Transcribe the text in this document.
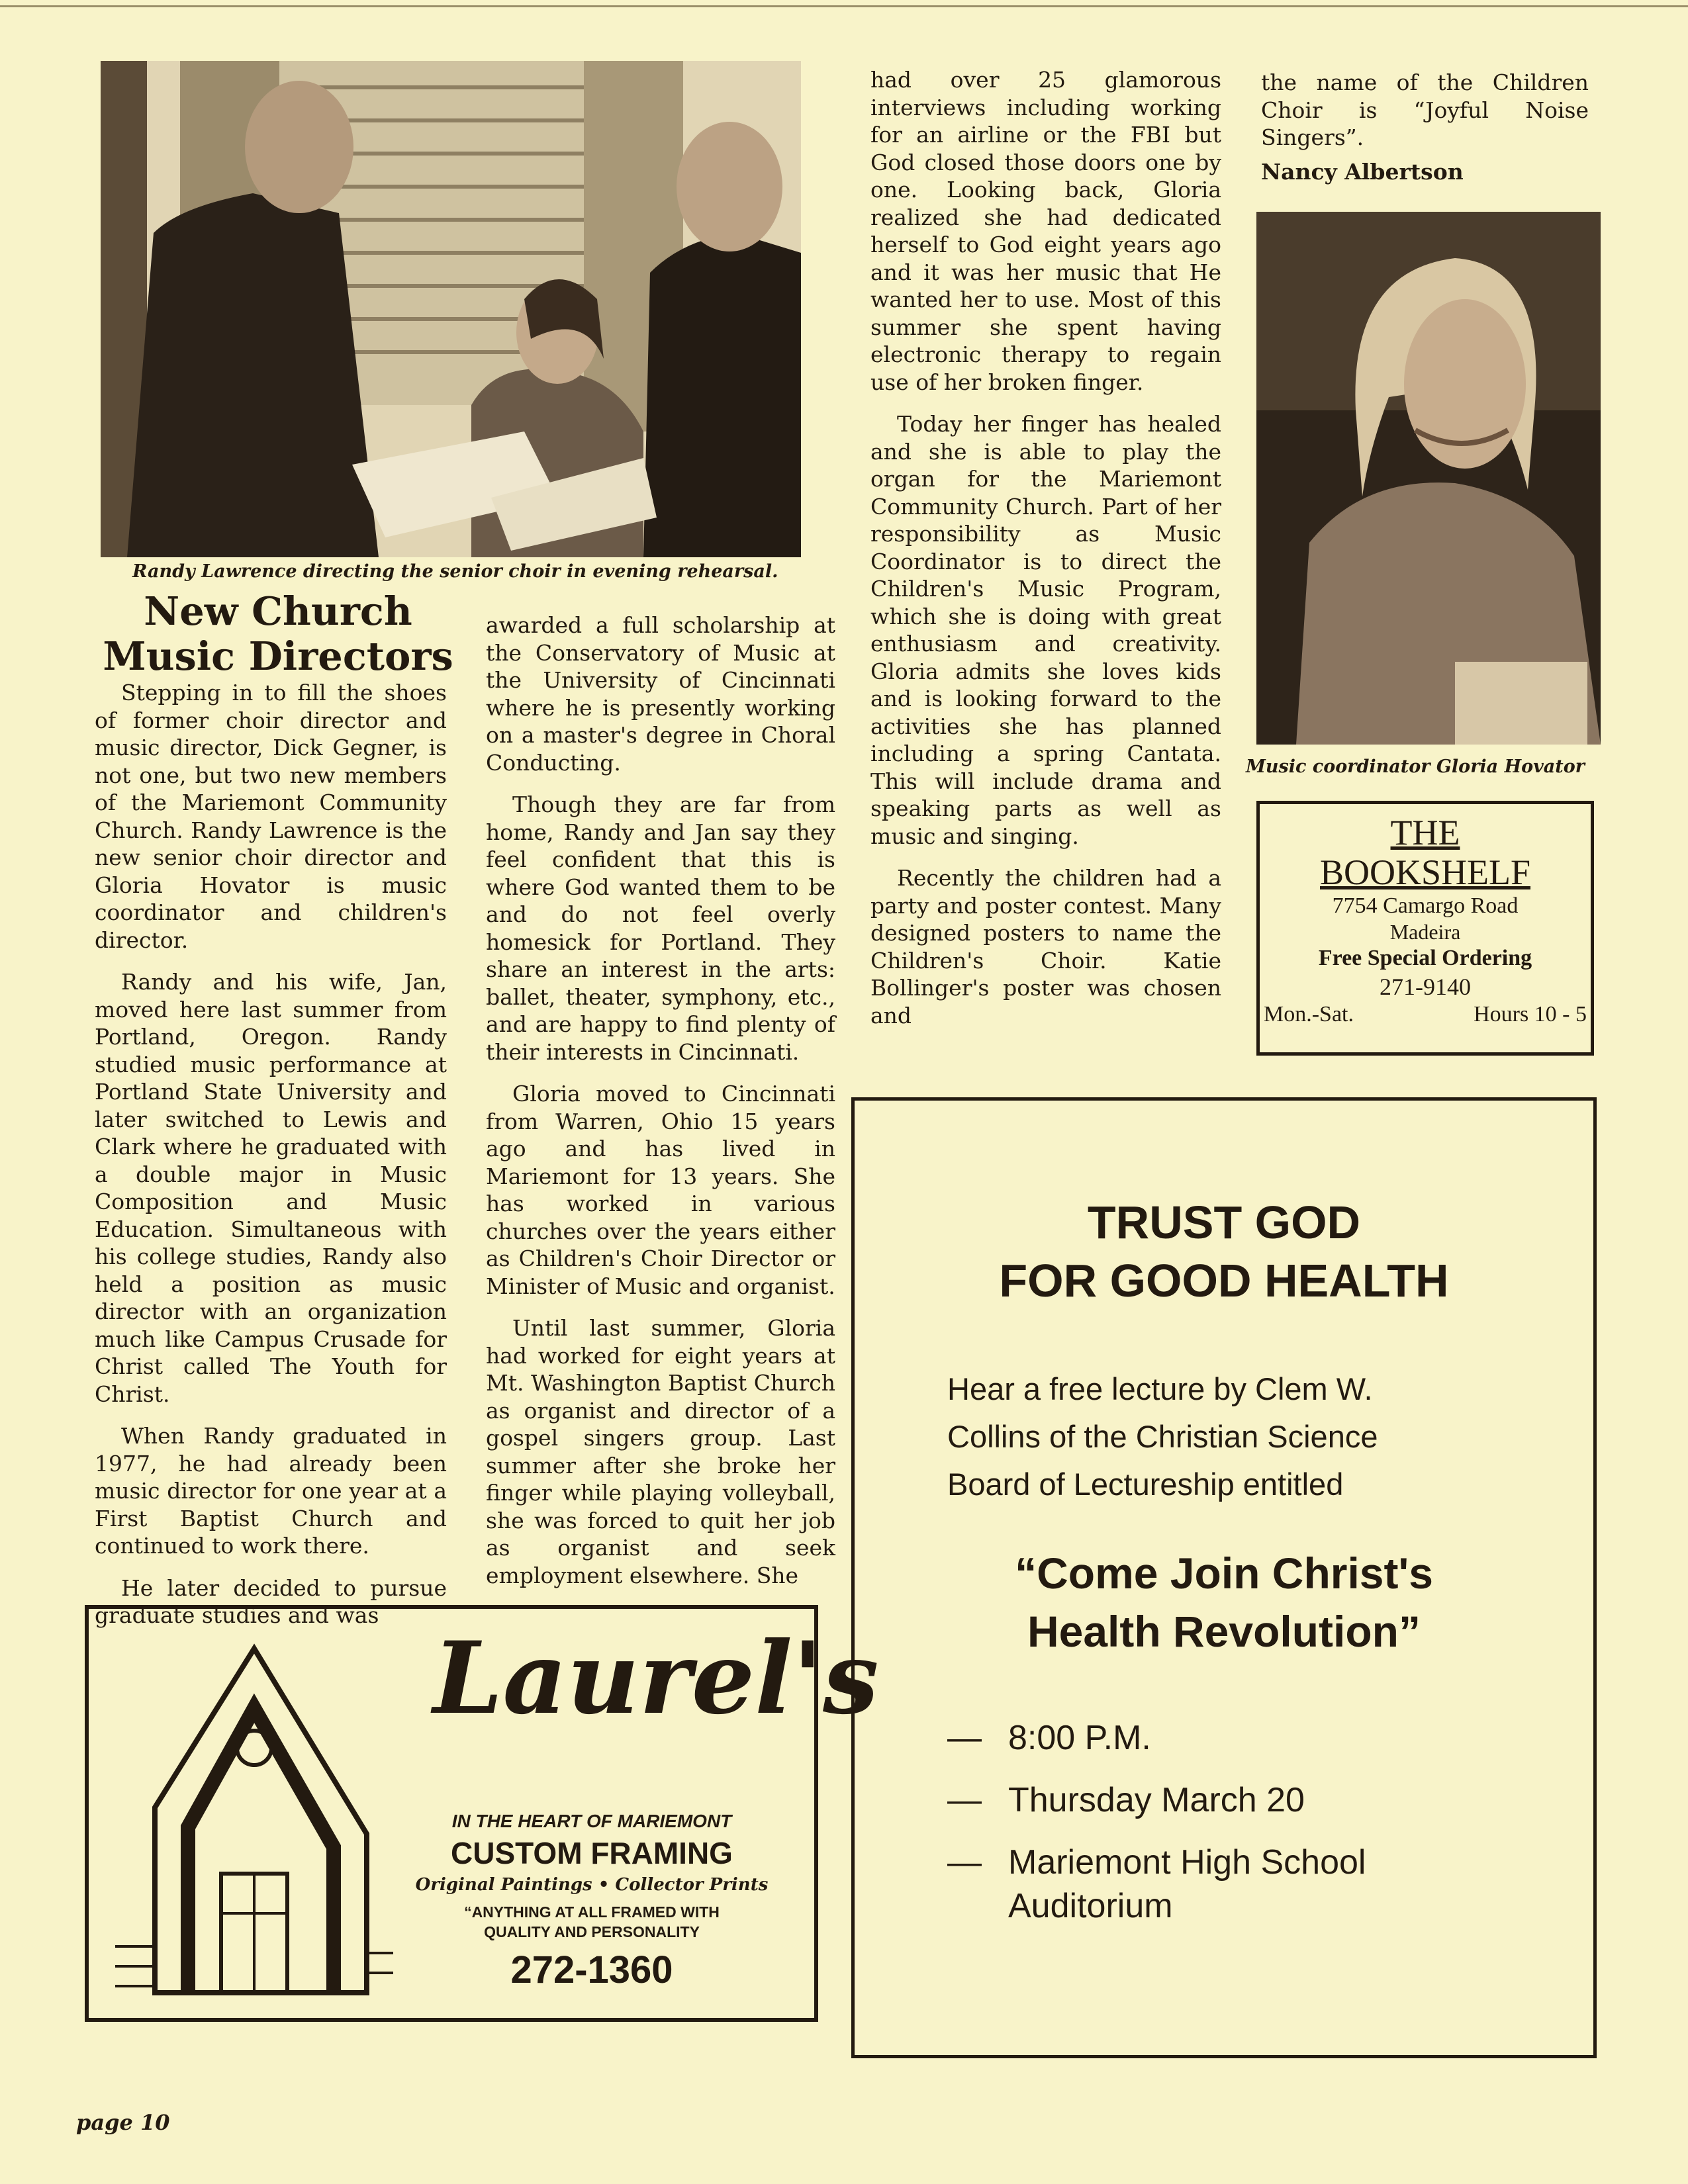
Randy Lawrence directing the senior choir in evening rehearsal.
New Church
Music Directors

Stepping in to fill the shoes of former choir director and music director, Dick Gegner, is not one, but two new members of the Mariemont Community Church. Randy Lawrence is the new senior choir director and Gloria Hovator is music coordinator and children's director.

Randy and his wife, Jan, moved here last summer from Portland, Oregon. Randy studied music performance at Portland State University and later switched to Lewis and Clark where he graduated with a double major in Music Composition and Music Education. Simultaneous with his college studies, Randy also held a position as music director with an organization much like Campus Crusade for Christ called The Youth for Christ.

When Randy graduated in 1977, he had already been music director for one year at a First Baptist Church and continued to work there.

He later decided to pursue graduate studies and was

awarded a full scholarship at the Conservatory of Music at the University of Cincinnati where he is presently working on a master's degree in Choral Conducting.

Though they are far from home, Randy and Jan say they feel confident that this is where God wanted them to be and do not feel overly homesick for Portland. They share an interest in the arts: ballet, theater, symphony, etc., and are happy to find plenty of their interests in Cincinnati.

Gloria moved to Cincinnati from Warren, Ohio 15 years ago and has lived in Mariemont for 13 years. She has worked in various churches over the years either as Children's Choir Director or Minister of Music and organist.

Until last summer, Gloria had worked for eight years at Mt. Washington Baptist Church as organist and director of a gospel singers group. Last summer after she broke her finger while playing volleyball, she was forced to quit her job as organist and seek employment elsewhere. She

had over 25 glamorous interviews including working for an airline or the FBI but God closed those doors one by one. Looking back, Gloria realized she had dedicated herself to God eight years ago and it was her music that He wanted her to use. Most of this summer she spent having electronic therapy to regain use of her broken finger.

Today her finger has healed and she is able to play the organ for the Mariemont Community Church. Part of her responsibility as Music Coordinator is to direct the Children's Music Program, which she is doing with great enthusiasm and creativity. Gloria admits she loves kids and is looking forward to the activities she has planned including a spring Cantata. This will include drama and speaking parts as well as music and singing.

Recently the children had a party and poster contest. Many designed posters to name the Children's Choir. Katie Bollinger's poster was chosen and

the name of the Children Choir is “Joyful Noise Singers”.
Nancy Albertson
Music coordinator Gloria Hovator
THE
BOOKSHELF
7754 Camargo Road
Madeira
Free Special Ordering
271-9140
Mon.-Sat.	Hours 10 - 5
Laurel's
IN THE HEART OF MARIEMONT
CUSTOM FRAMING
Original Paintings • Collector Prints
“ANYTHING AT ALL FRAMED WITH
QUALITY AND PERSONALITY
272-1360
TRUST GOD
FOR GOOD HEALTH
Hear a free lecture by Clem W.
Collins of the Christian Science
Board of Lectureship entitled
“Come Join Christ's
Health Revolution”
— 8:00 P.M.
— Thursday March 20
— Mariemont High School
Auditorium
page 10
